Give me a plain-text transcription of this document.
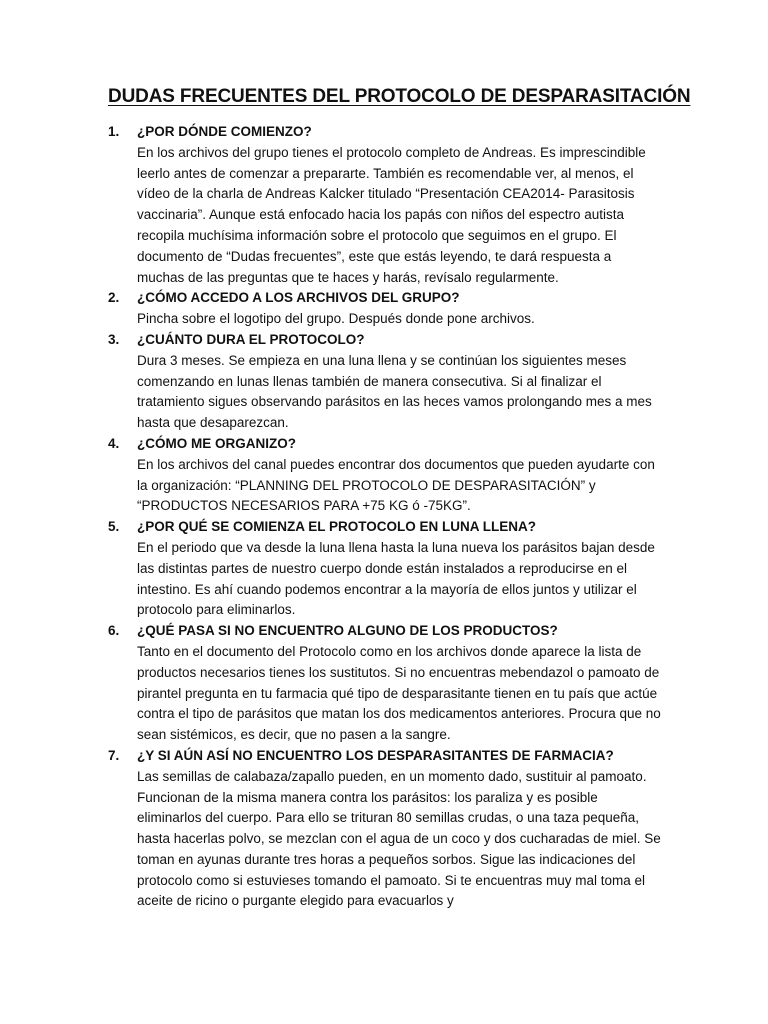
DUDAS FRECUENTES DEL PROTOCOLO DE DESPARASITACIÓN
1. ¿POR DÓNDE COMIENZO?
En los archivos del grupo tienes el protocolo completo de Andreas. Es imprescindible leerlo antes de comenzar a prepararte. También es recomendable ver, al menos, el vídeo de la charla de Andreas Kalcker titulado “Presentación CEA2014- Parasitosis vaccinaria”. Aunque está enfocado hacia los papás con niños del espectro autista recopila muchísima información sobre el protocolo que seguimos en el grupo. El documento de “Dudas frecuentes”, este que estás leyendo, te dará respuesta a muchas de las preguntas que te haces y harás, revísalo regularmente.
2. ¿CÓMO ACCEDO A LOS ARCHIVOS DEL GRUPO?
Pincha sobre el logotipo del grupo. Después donde pone archivos.
3. ¿CUÁNTO DURA EL PROTOCOLO?
Dura 3 meses. Se empieza en una luna llena y se continúan los siguientes meses comenzando en lunas llenas también de manera consecutiva. Si al finalizar el tratamiento sigues observando parásitos en las heces vamos prolongando mes a mes hasta que desaparezcan.
4. ¿CÓMO ME ORGANIZO?
En los archivos del canal puedes encontrar dos documentos que pueden ayudarte con la organización: “PLANNING DEL PROTOCOLO DE DESPARASITACIÓN” y “PRODUCTOS NECESARIOS PARA +75 KG ó -75KG”.
5. ¿POR QUÉ SE COMIENZA EL PROTOCOLO EN LUNA LLENA?
En el periodo que va desde la luna llena hasta la luna nueva los parásitos bajan desde las distintas partes de nuestro cuerpo donde están instalados a reproducirse en el intestino. Es ahí cuando podemos encontrar a la mayoría de ellos juntos y utilizar el protocolo para eliminarlos.
6. ¿QUÉ PASA SI NO ENCUENTRO ALGUNO DE LOS PRODUCTOS?
Tanto en el documento del Protocolo como en los archivos donde aparece la lista de productos necesarios tienes los sustitutos. Si no encuentras mebendazol o pamoato de pirantel pregunta en tu farmacia qué tipo de desparasitante tienen en tu país que actúe contra el tipo de parásitos que matan los dos medicamentos anteriores. Procura que no sean sistémicos, es decir, que no pasen a la sangre.
7. ¿Y SI AÚN ASÍ NO ENCUENTRO LOS DESPARASITANTES DE FARMACIA?
Las semillas de calabaza/zapallo pueden, en un momento dado, sustituir al pamoato. Funcionan de la misma manera contra los parásitos: los paraliza y es posible eliminarlos del cuerpo. Para ello se trituran 80 semillas crudas, o una taza pequeña, hasta hacerlas polvo, se mezclan con el agua de un coco y dos cucharadas de miel. Se toman en ayunas durante tres horas a pequeños sorbos. Sigue las indicaciones del protocolo como si estuvieses tomando el pamoato. Si te encuentras muy mal toma el aceite de ricino o purgante elegido para evacuarlos y
